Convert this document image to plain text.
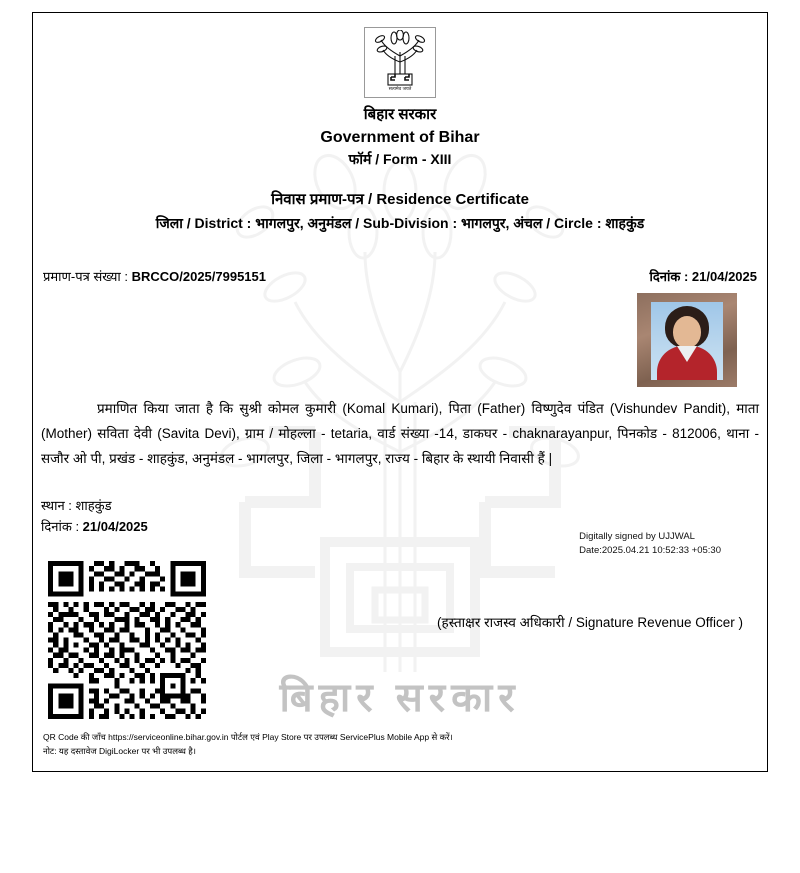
बिहार सरकार
सत्यमेव जयते
बिहार सरकार
Government of Bihar
फॉर्म / Form - XIII
निवास प्रमाण-पत्र / Residence Certificate
जिला / District : भागलपुर, अनुमंडल / Sub-Division : भागलपुर, अंचल / Circle : शाहकुंड
प्रमाण-पत्र संख्या : BRCCO/2025/7995151	दिनांक : 21/04/2025
प्रमाणित किया जाता है कि सुश्री कोमल कुमारी (Komal Kumari), पिता (Father) विष्णुदेव पंडित (Vishundev Pandit), माता (Mother) सविता देवी (Savita Devi), ग्राम / मोहल्ला - tetaria, वार्ड संख्या -14, डाकघर - chaknarayanpur, पिनकोड - 812006, थाना - सजौर ओ पी, प्रखंड - शाहकुंड, अनुमंडल - भागलपुर, जिला - भागलपुर, राज्य - बिहार के स्थायी निवासी हैं |
स्थान : शाहकुंड
दिनांक : 21/04/2025
Digitally signed by UJJWAL
Date:2025.04.21 10:52:33 +05:30
(हस्ताक्षर राजस्व अधिकारी / Signature Revenue Officer )
QR Code की जाँच https://serviceonline.bihar.gov.in पोर्टल एवं Play Store पर उपलब्ध ServicePlus Mobile App से करें।
नोट: यह दस्तावेज DigiLocker पर भी उपलब्ध है।
